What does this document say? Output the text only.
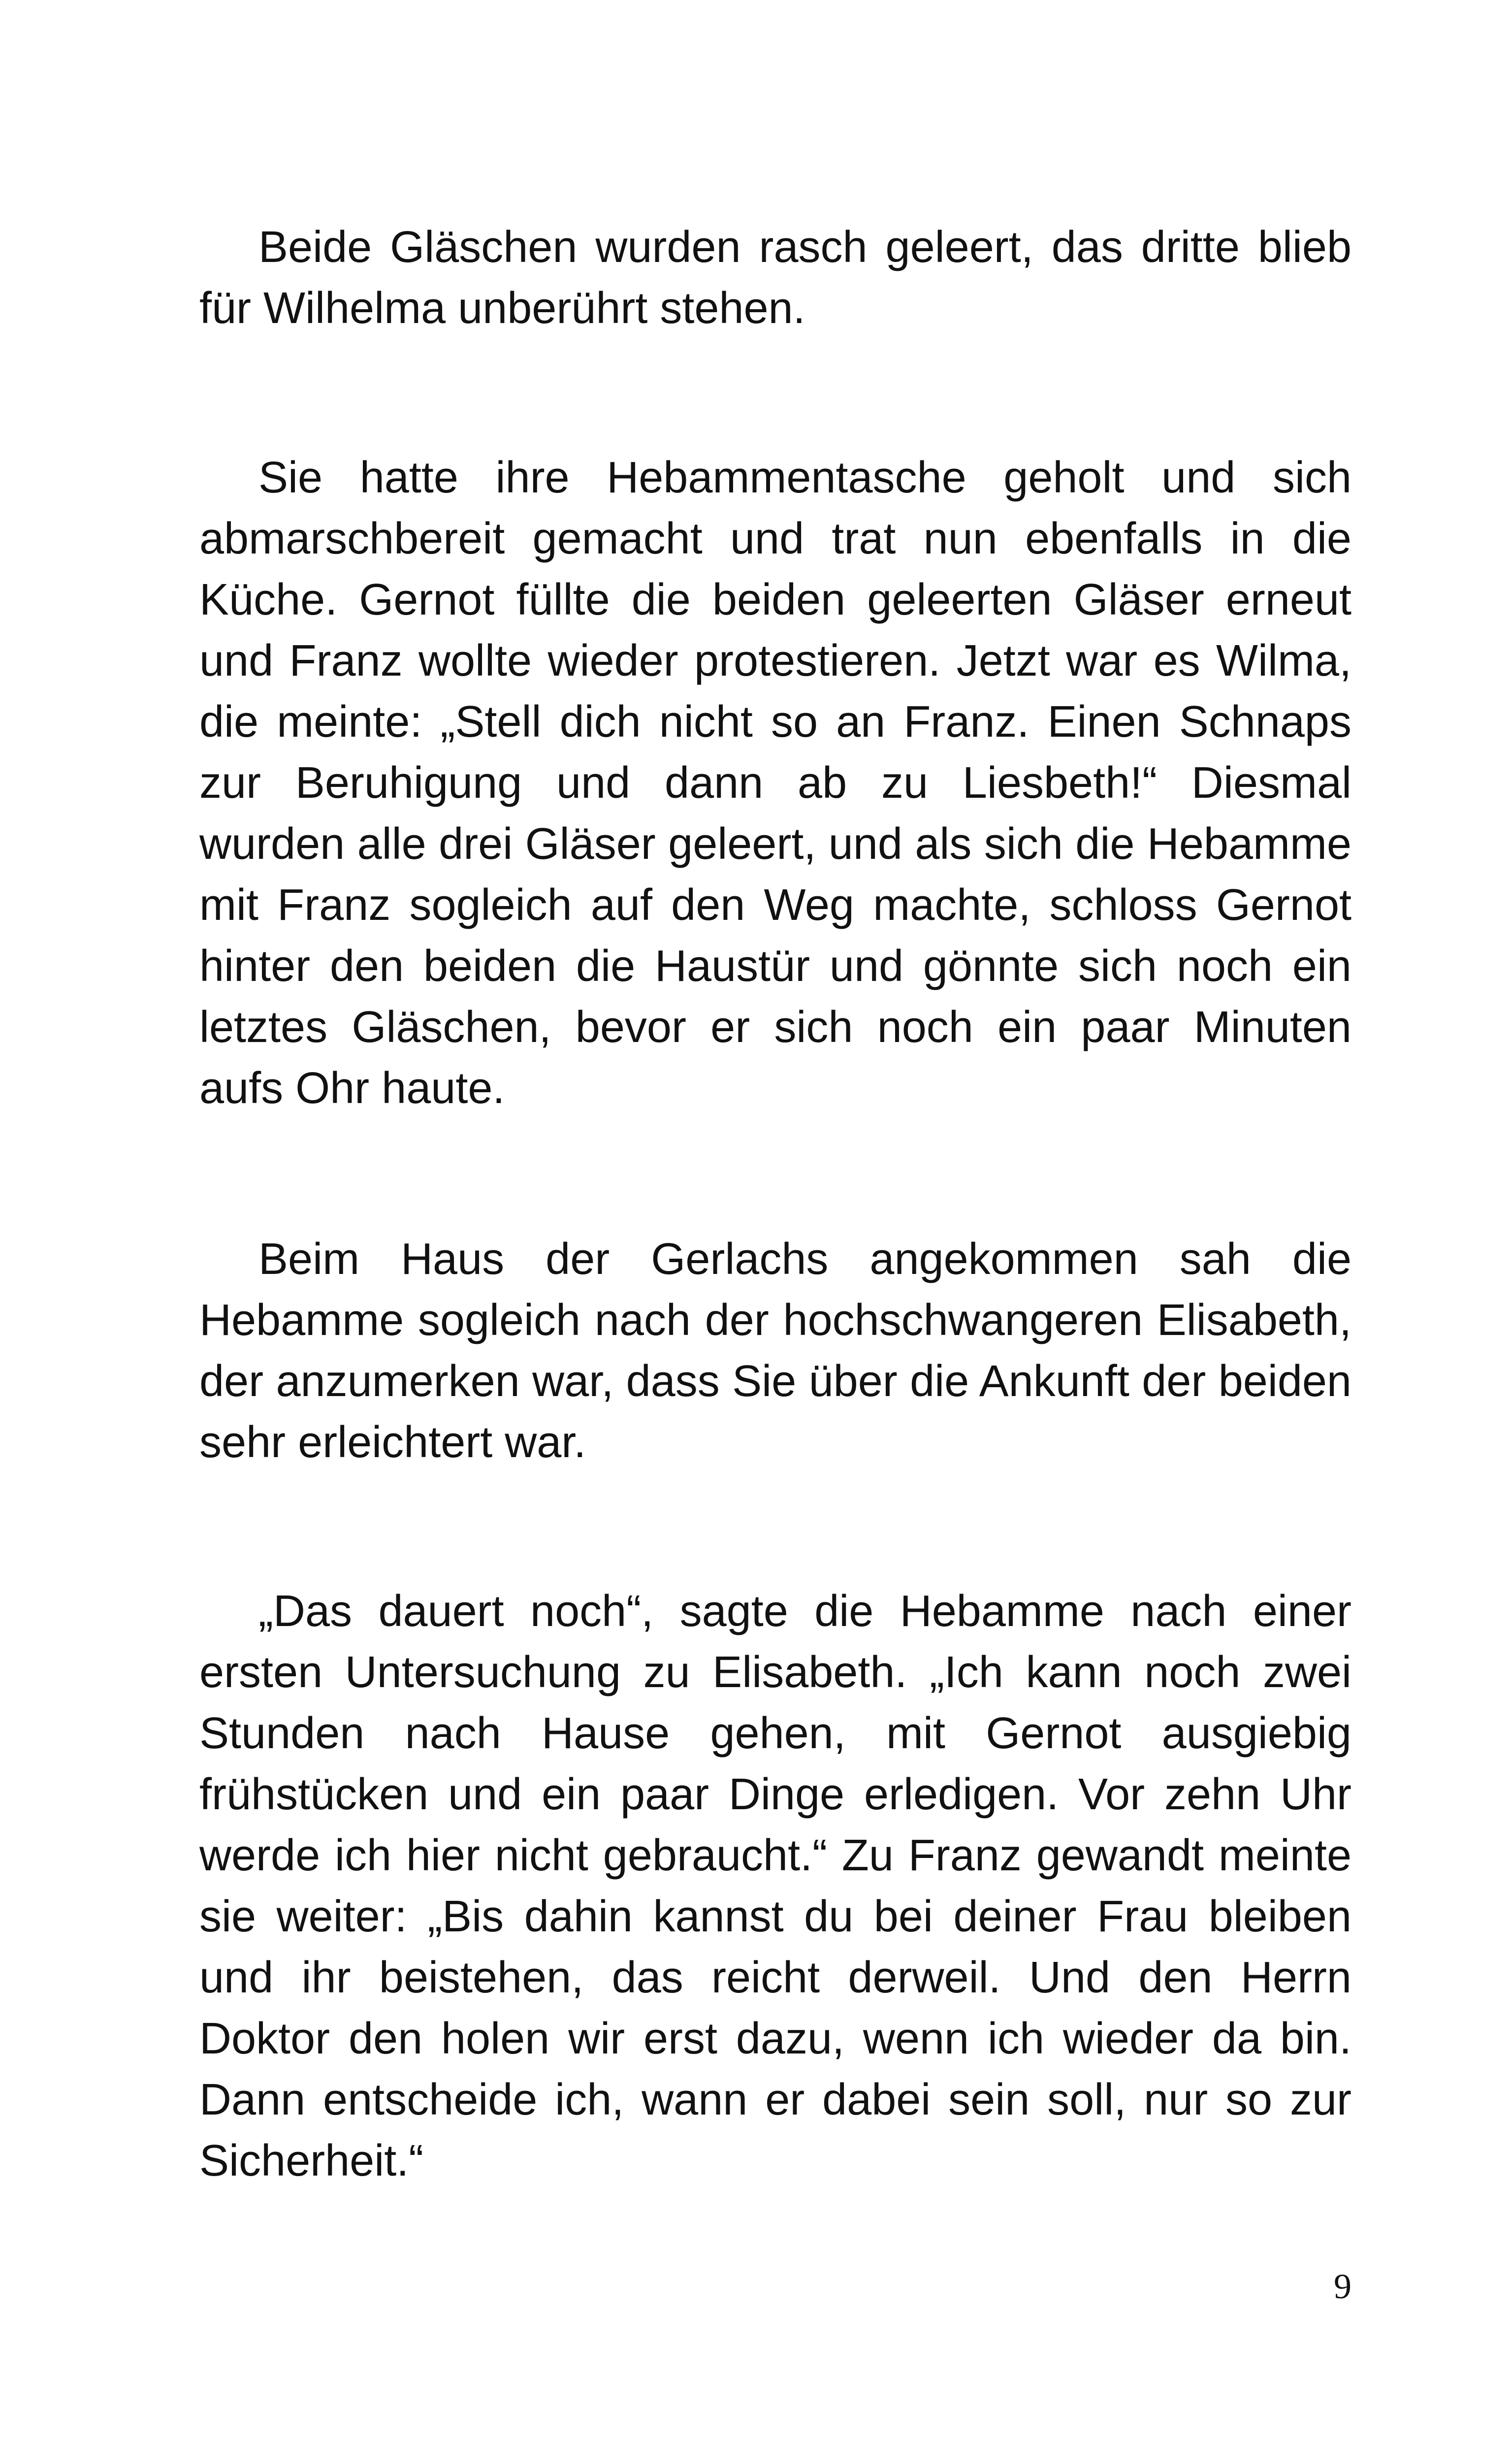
Beide Gläschen wurden rasch geleert, das dritte blieb für Wilhelma unberührt stehen.

Sie hatte ihre Hebammentasche geholt und sich abmarschbereit gemacht und trat nun ebenfalls in die Küche. Gernot füllte die beiden geleerten Gläser erneut und Franz wollte wieder protestieren. Jetzt war es Wilma, die meinte: „Stell dich nicht so an Franz. Einen Schnaps zur Beruhigung und dann ab zu Liesbeth!“ Diesmal wurden alle drei Gläser geleert, und als sich die Hebamme mit Franz sogleich auf den Weg machte, schloss Gernot hinter den beiden die Haustür und gönnte sich noch ein letztes Gläschen, bevor er sich noch ein paar Minuten aufs Ohr haute.

Beim Haus der Gerlachs angekommen sah die Hebamme sogleich nach der hochschwangeren Elisabeth, der anzumerken war, dass Sie über die Ankunft der beiden sehr erleichtert war.

„Das dauert noch“, sagte die Hebamme nach einer ersten Untersuchung zu Elisabeth. „Ich kann noch zwei Stunden nach Hause gehen, mit Gernot ausgiebig frühstücken und ein paar Dinge erledigen. Vor zehn Uhr werde ich hier nicht gebraucht.“ Zu Franz gewandt meinte sie weiter: „Bis dahin kannst du bei deiner Frau bleiben und ihr beistehen, das reicht derweil. Und den Herrn Doktor den holen wir erst dazu, wenn ich wieder da bin. Dann entscheide ich, wann er dabei sein soll, nur so zur Sicherheit.“

9
